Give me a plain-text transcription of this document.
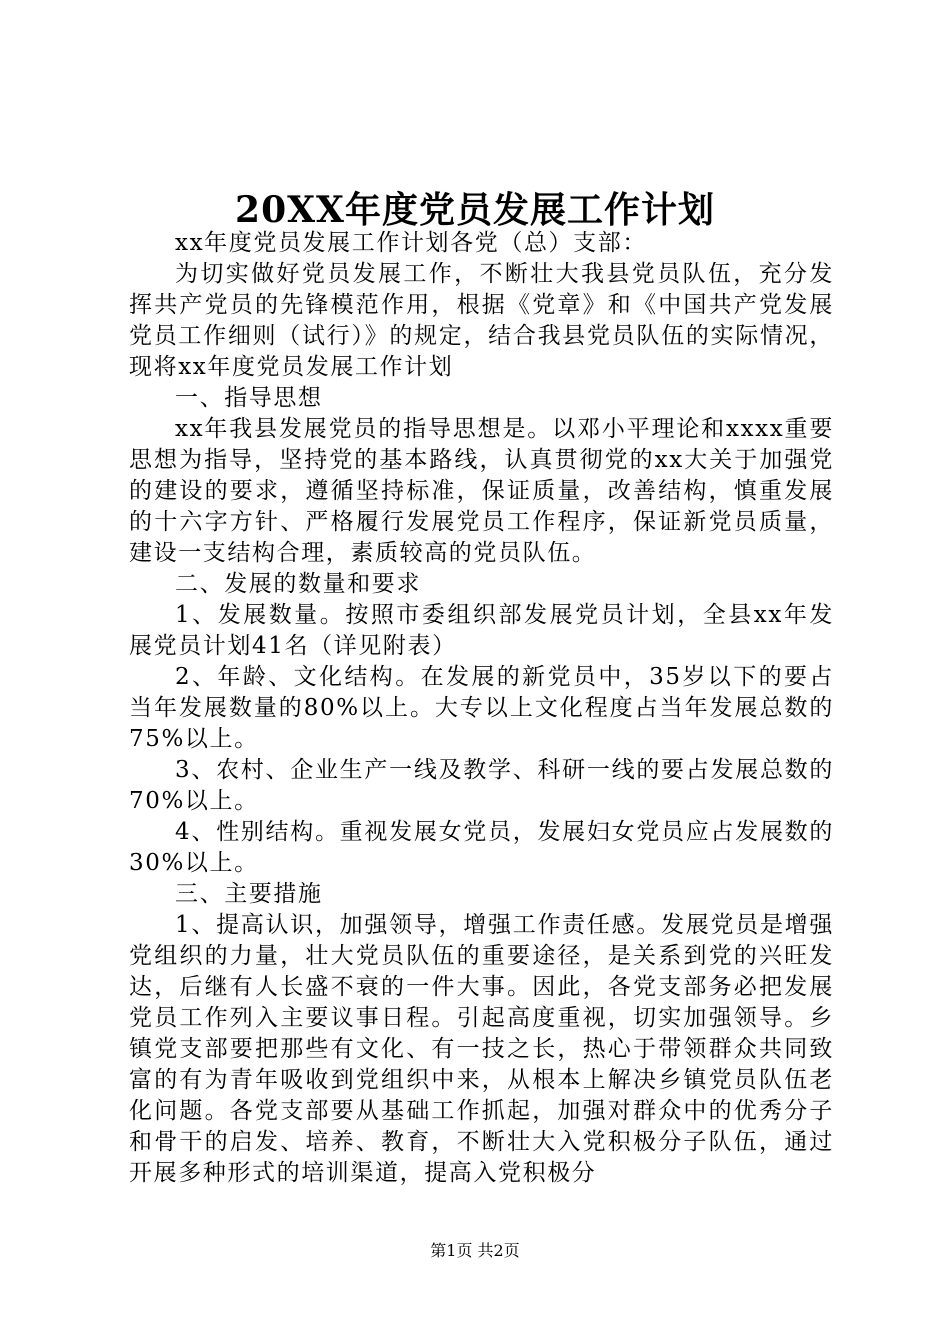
20XX年度党员发展工作计划

xx年度党员发展工作计划各党（总）支部：

为切实做好党员发展工作，不断壮大我县党员队伍，充分发挥共产党员的先锋模范作用，根据《党章》和《中国共产党发展党员工作细则（试行）》的规定，结合我县党员队伍的实际情况，现将xx年度党员发展工作计划

一、指导思想

xx年我县发展党员的指导思想是。以邓小平理论和xxxx重要思想为指导，坚持党的基本路线，认真贯彻党的xx大关于加强党的建设的要求，遵循坚持标准，保证质量，改善结构，慎重发展的十六字方针、严格履行发展党员工作程序，保证新党员质量，建设一支结构合理，素质较高的党员队伍。

二、发展的数量和要求

1、发展数量。按照市委组织部发展党员计划，全县xx年发展党员计划41名（详见附表）

2、年龄、文化结构。在发展的新党员中，35岁以下的要占当年发展数量的80%以上。大专以上文化程度占当年发展总数的75%以上。

3、农村、企业生产一线及教学、科研一线的要占发展总数的70%以上。

4、性别结构。重视发展女党员，发展妇女党员应占发展数的30%以上。

三、主要措施

1、提高认识，加强领导，增强工作责任感。发展党员是增强党组织的力量，壮大党员队伍的重要途径，是关系到党的兴旺发达，后继有人长盛不衰的一件大事。因此，各党支部务必把发展党员工作列入主要议事日程。引起高度重视，切实加强领导。乡镇党支部要把那些有文化、有一技之长，热心于带领群众共同致富的有为青年吸收到党组织中来，从根本上解决乡镇党员队伍老化问题。各党支部要从基础工作抓起，加强对群众中的优秀分子和骨干的启发、培养、教育，不断壮大入党积极分子队伍，通过开展多种形式的培训渠道，提高入党积极分

第1页 共2页
